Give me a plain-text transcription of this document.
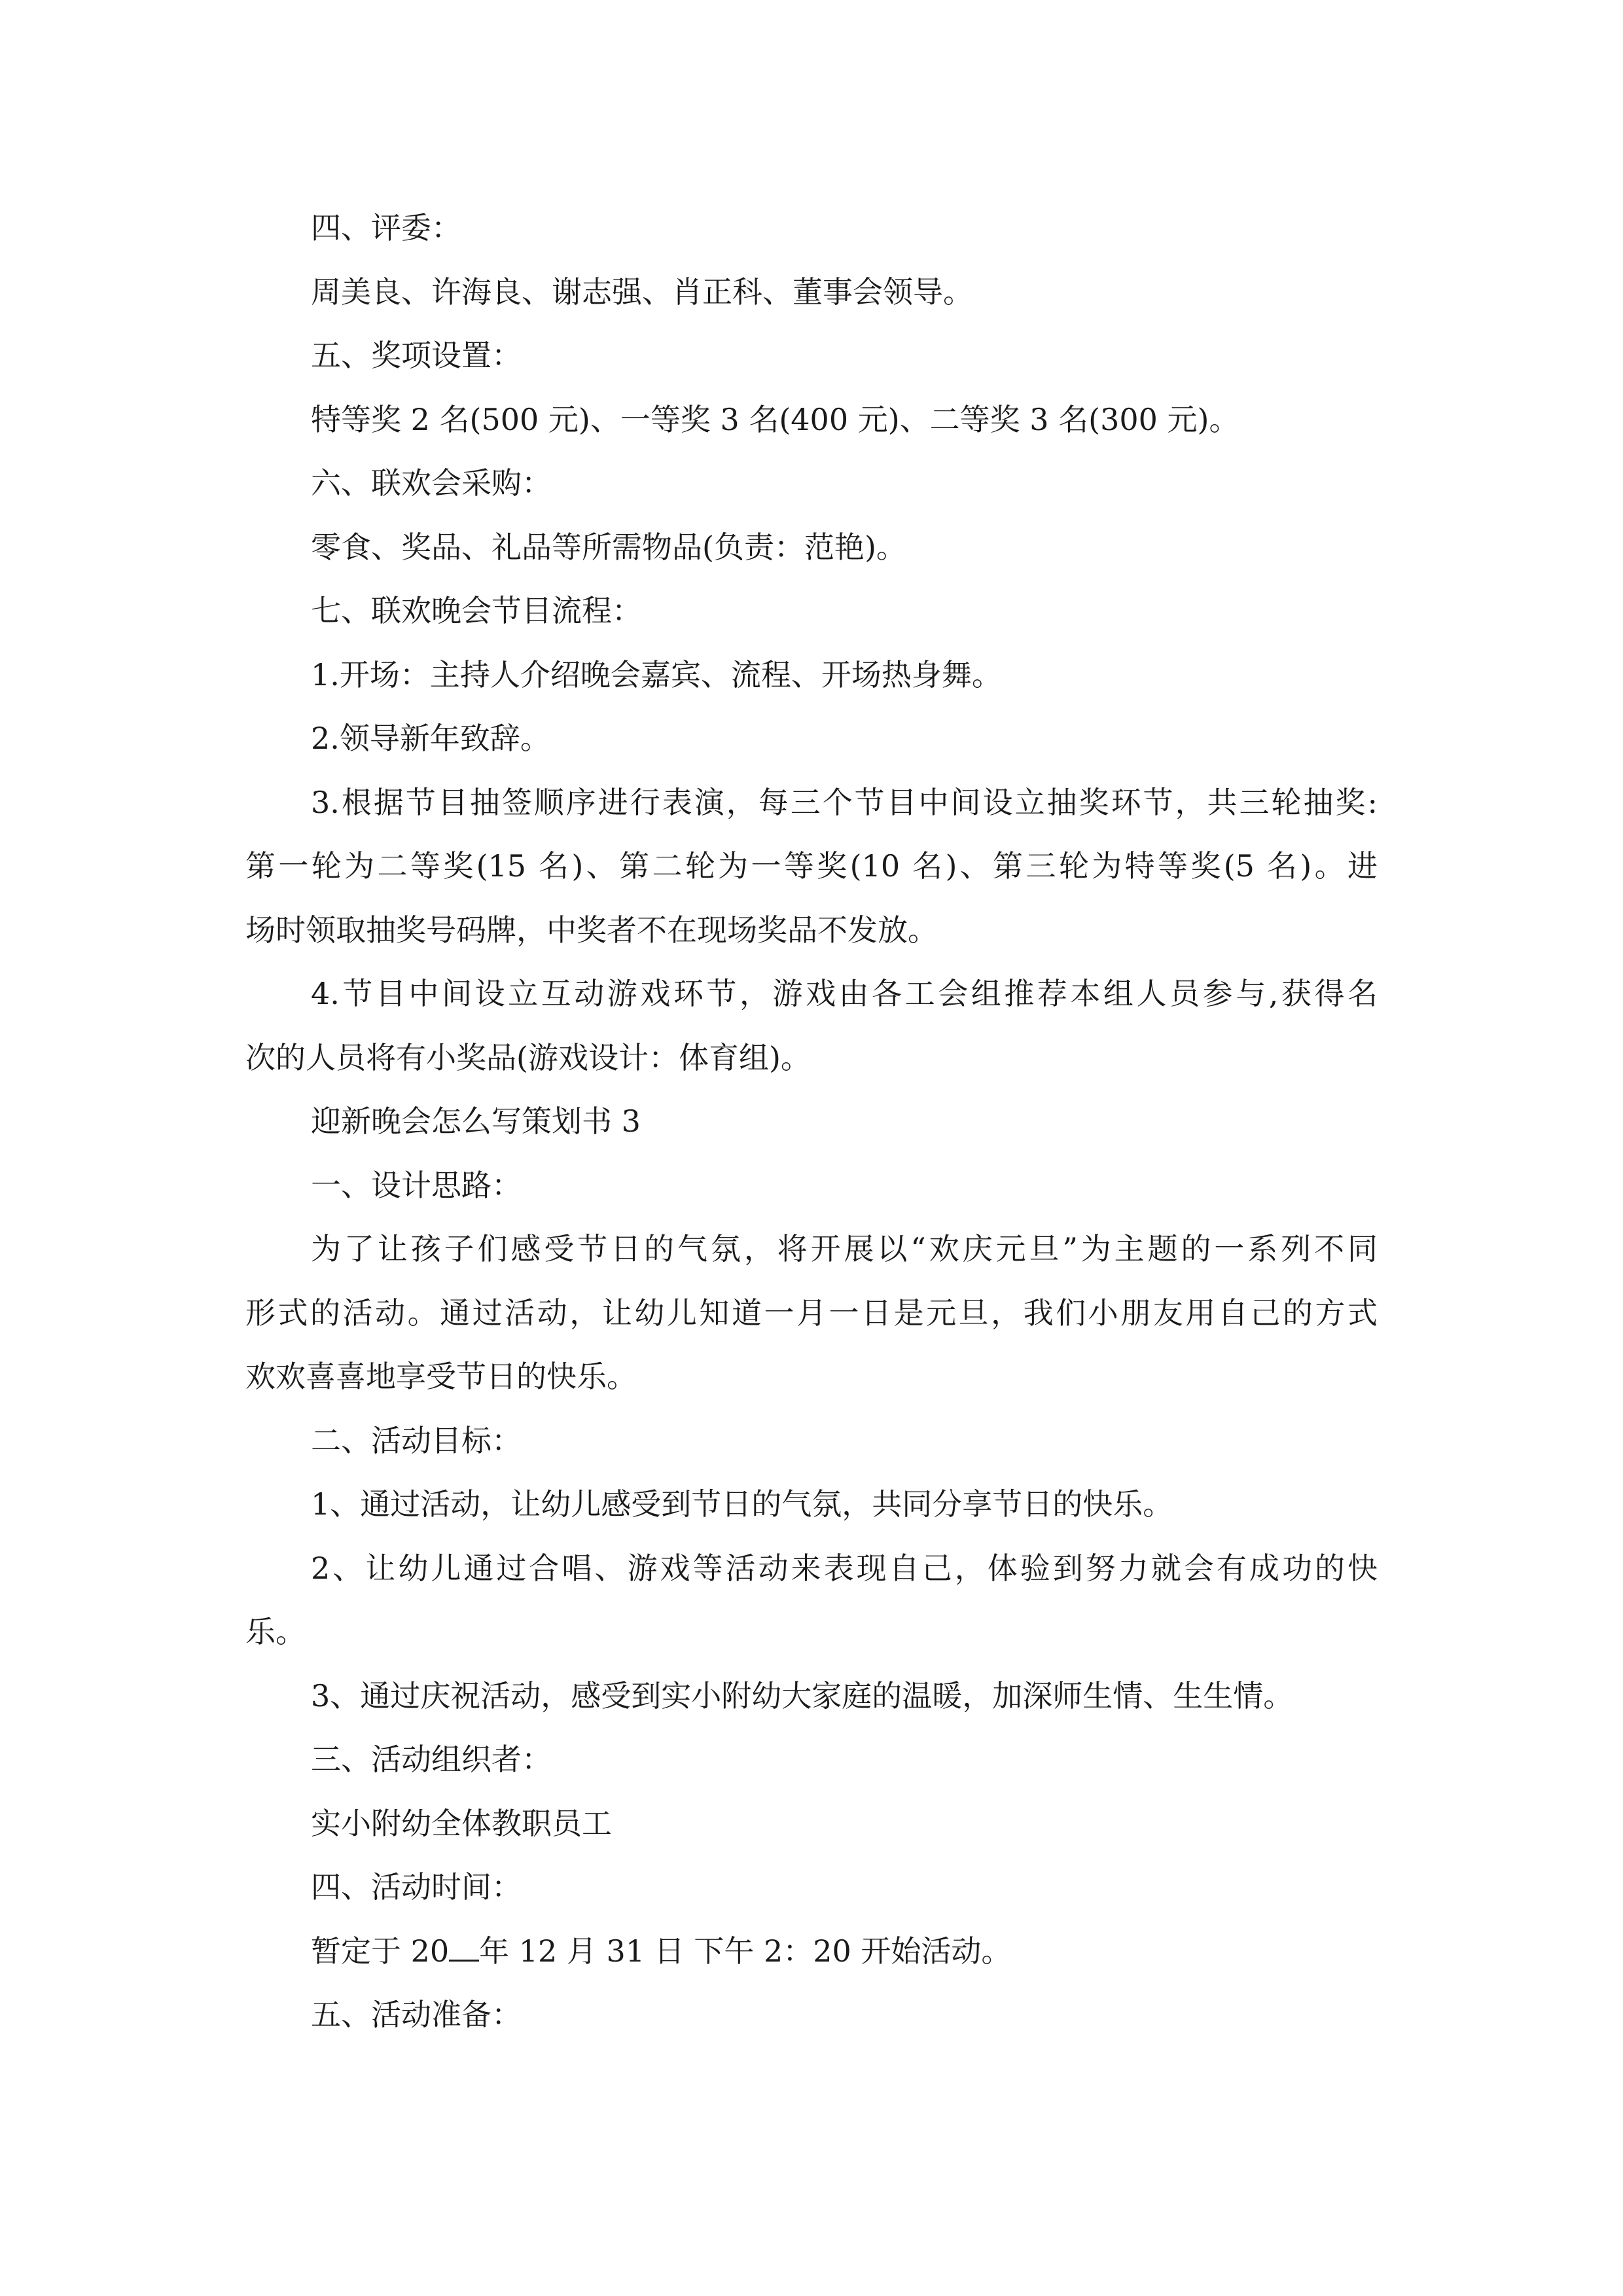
四、评委：

周美良、许海良、谢志强、肖正科、董事会领导。

五、奖项设置：

特等奖 2 名(500 元)、一等奖 3 名(400 元)、二等奖 3 名(300 元)。

六、联欢会采购：

零食、奖品、礼品等所需物品(负责：范艳)。

七、联欢晚会节目流程：

1.开场：主持人介绍晚会嘉宾、流程、开场热身舞。

2.领导新年致辞。

3.根据节目抽签顺序进行表演，每三个节目中间设立抽奖环节，共三轮抽奖:

第一轮为二等奖(15 名)、第二轮为一等奖(10 名)、第三轮为特等奖(5 名)。进

场时领取抽奖号码牌，中奖者不在现场奖品不发放。

4.节目中间设立互动游戏环节，游戏由各工会组推荐本组人员参与,获得名

次的人员将有小奖品(游戏设计：体育组)。

迎新晚会怎么写策划书 3

一、设计思路：

为了让孩子们感受节日的气氛，将开展以“欢庆元旦”为主题的一系列不同

形式的活动。通过活动，让幼儿知道一月一日是元旦，我们小朋友用自己的方式

欢欢喜喜地享受节日的快乐。

二、活动目标：

1、通过活动，让幼儿感受到节日的气氛，共同分享节日的快乐。

2、让幼儿通过合唱、游戏等活动来表现自己，体验到努力就会有成功的快

乐。

3、通过庆祝活动，感受到实小附幼大家庭的温暖，加深师生情、生生情。

三、活动组织者：

实小附幼全体教职员工

四、活动时间：

暂定于 20 年 12 月 31 日 下午 2：20 开始活动。

五、活动准备：
